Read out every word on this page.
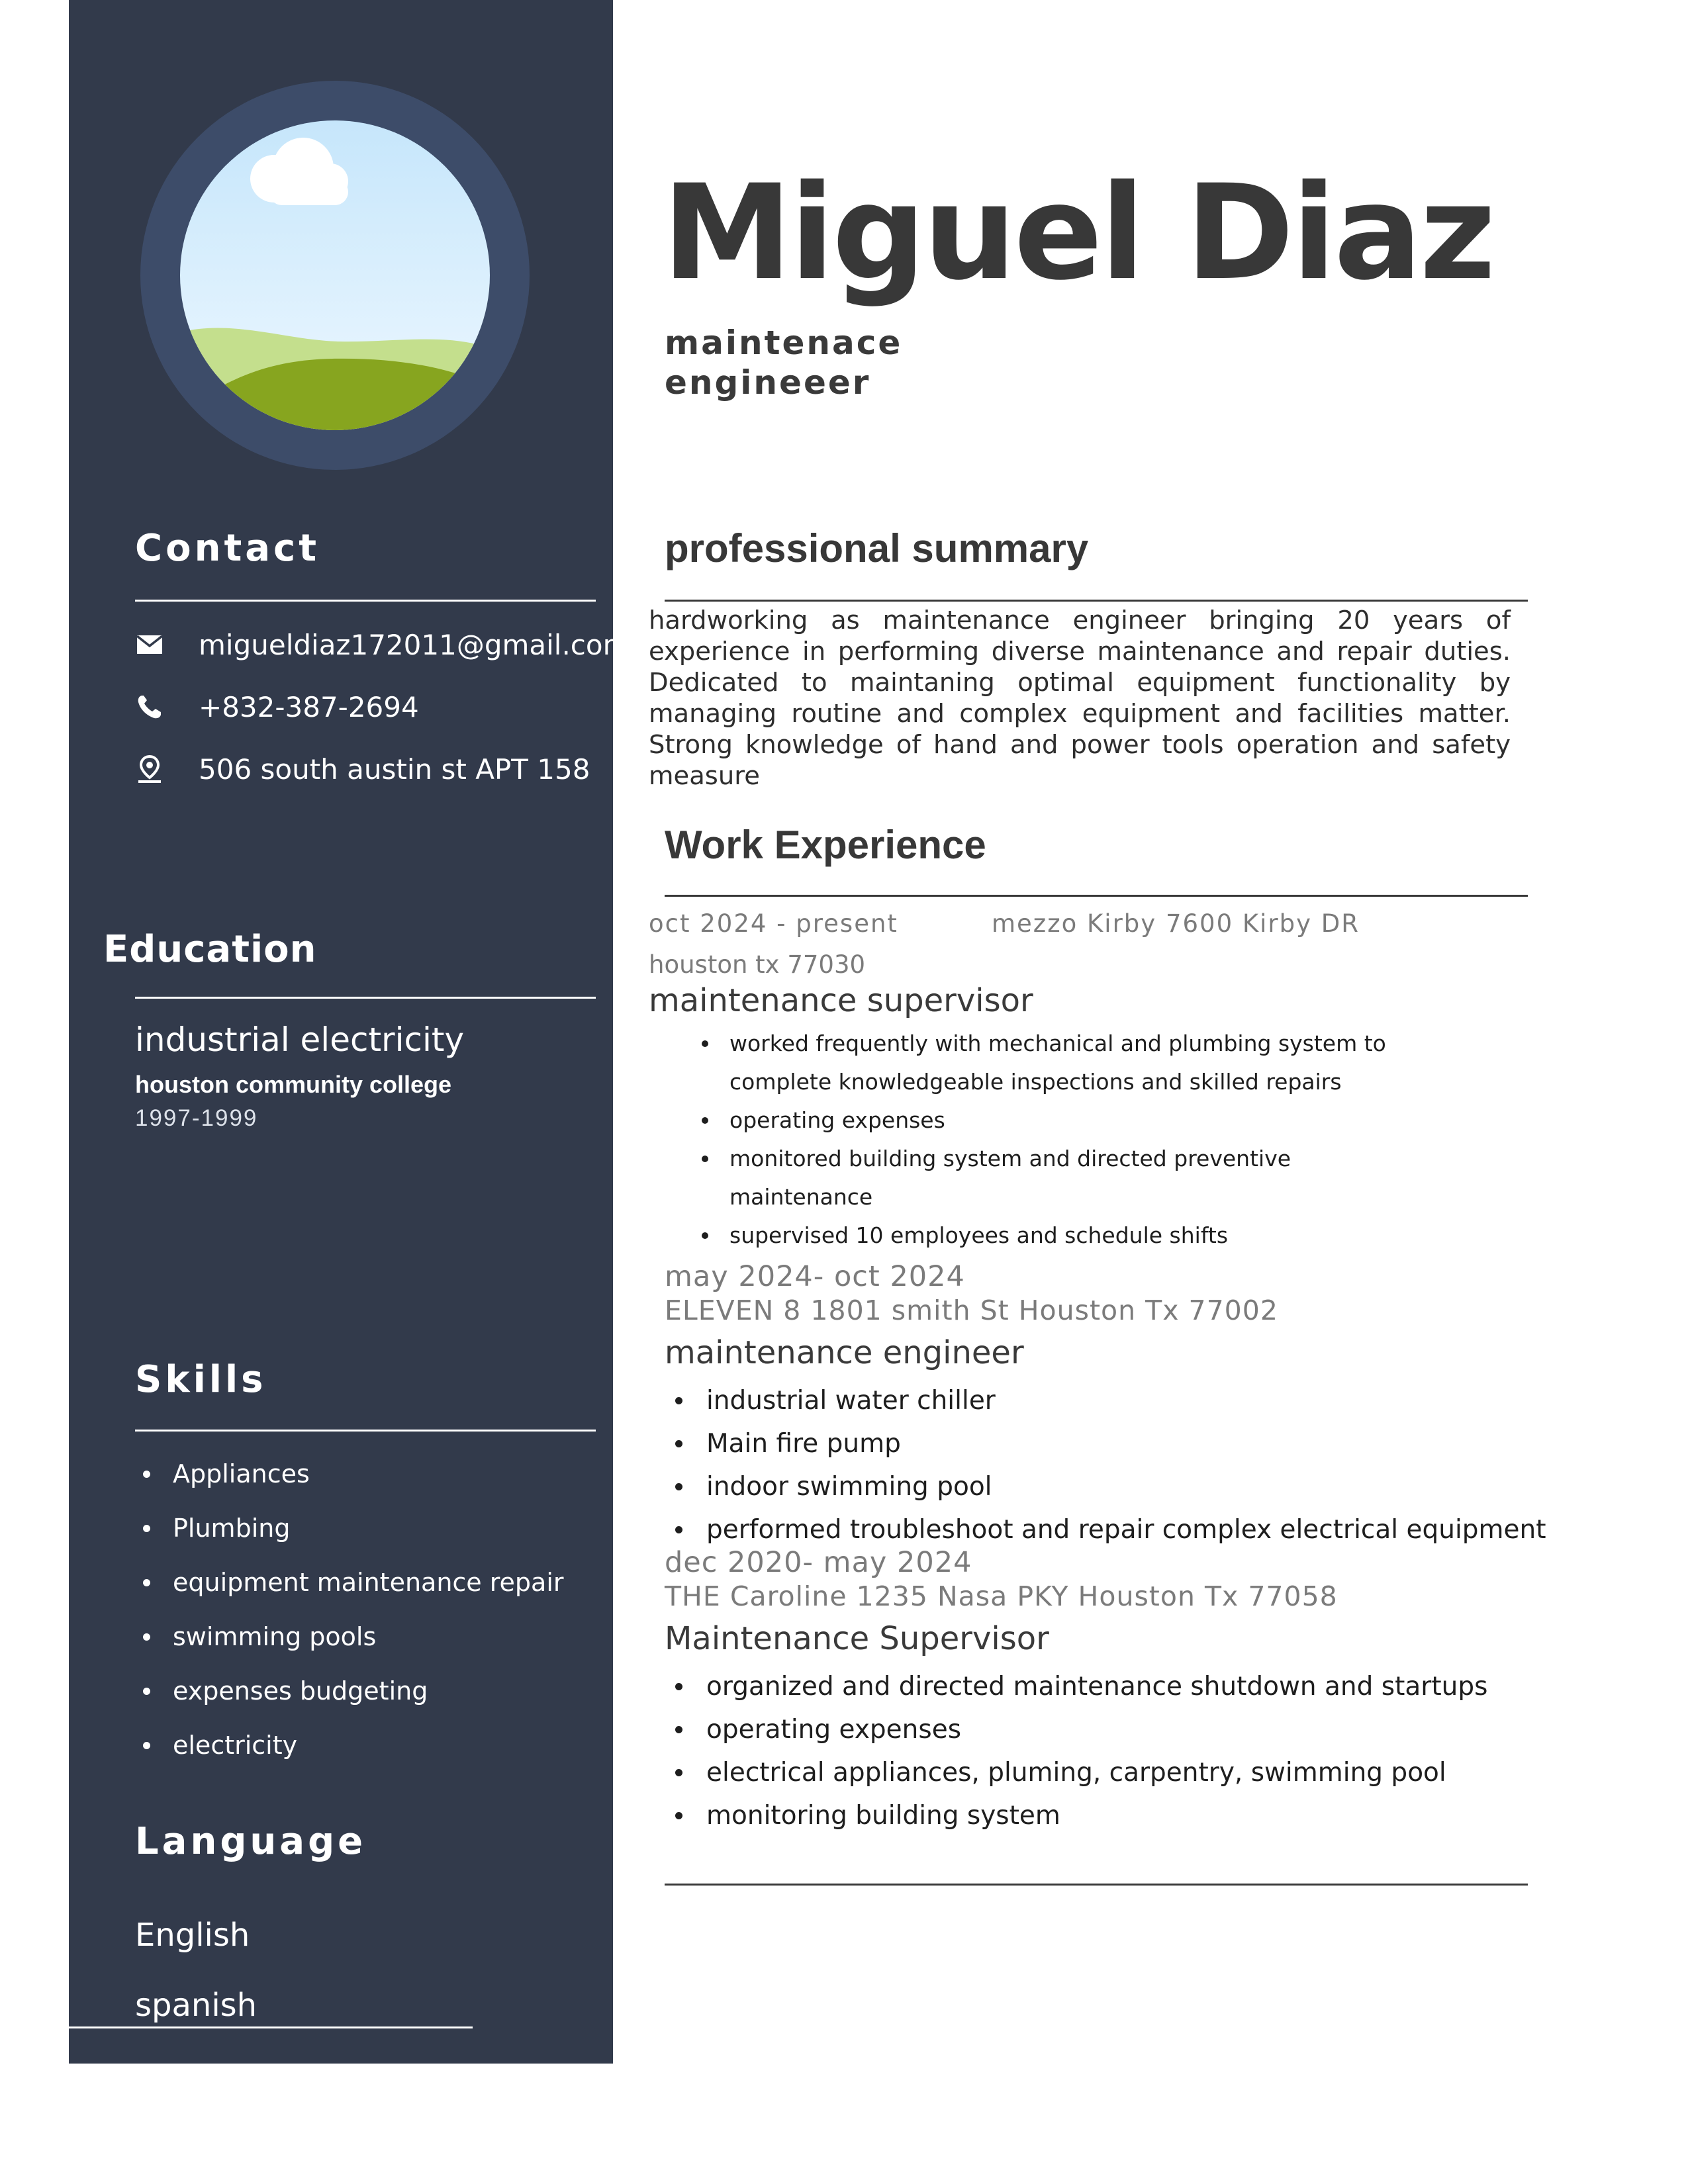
Contact
migueldiaz172011@gmail.com
+832-387-2694
506 south austin st APT 158
Education
industrial electricity
houston community college
1997-1999
Skills
Appliances
Plumbing
equipment maintenance repair
swimming pools
expenses budgeting
electricity
Language
English
spanish
Miguel Diaz
maintenace
engineeer
professional summary

hardworking as maintenance engineer bringing 20 years of experience in performing diverse maintenance and repair duties. Dedicated to maintaning optimal equipment functionality by managing routine and complex equipment and facilities matter. Strong knowledge of hand and power tools operation and safety measure

Work Experience
oct 2024 - present	mezzo Kirby 7600 Kirby DR
houston tx 77030
maintenance supervisor
worked frequently with mechanical and plumbing system to
complete knowledgeable inspections and skilled repairs
operating expenses
monitored building system and directed preventive
maintenance
supervised 10 employees and schedule shifts
may 2024- oct 2024
ELEVEN 8 1801 smith St Houston Tx 77002
maintenance engineer
industrial water chiller
Main fire pump
indoor swimming pool
performed troubleshoot and repair complex electrical equipment
dec 2020- may 2024
THE Caroline 1235 Nasa PKY Houston Tx 77058
Maintenance Supervisor
organized and directed maintenance shutdown and startups
operating expenses
electrical appliances, pluming, carpentry, swimming pool
monitoring building system
